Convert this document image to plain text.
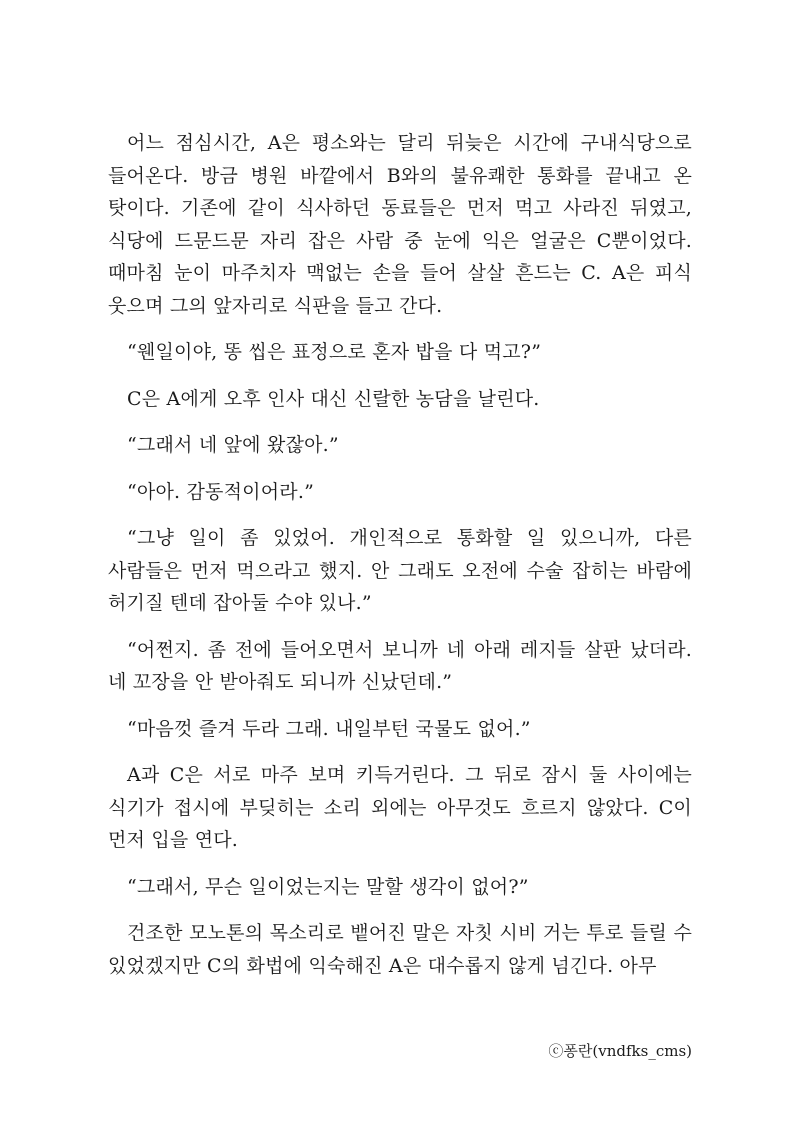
어느 점심시간, A은 평소와는 달리 뒤늦은 시간에 구내식당으로 들어온다. 방금 병원 바깥에서 B와의 불유쾌한 통화를 끝내고 온 탓이다. 기존에 같이 식사하던 동료들은 먼저 먹고 사라진 뒤였고, 식당에 드문드문 자리 잡은 사람 중 눈에 익은 얼굴은 C뿐이었다. 때마침 눈이 마주치자 맥없는 손을 들어 살살 흔드는 C. A은 피식 웃으며 그의 앞자리로 식판을 들고 간다.

“웬일이야, 똥 씹은 표정으로 혼자 밥을 다 먹고?”

C은 A에게 오후 인사 대신 신랄한 농담을 날린다.

“그래서 네 앞에 왔잖아.”

“아아. 감동적이어라.”

“그냥 일이 좀 있었어. 개인적으로 통화할 일 있으니까, 다른 사람들은 먼저 먹으라고 했지. 안 그래도 오전에 수술 잡히는 바람에 허기질 텐데 잡아둘 수야 있나.”

“어쩐지. 좀 전에 들어오면서 보니까 네 아래 레지들 살판 났더라. 네 꼬장을 안 받아줘도 되니까 신났던데.”

“마음껏 즐겨 두라 그래. 내일부턴 국물도 없어.”

A과 C은 서로 마주 보며 키득거린다. 그 뒤로 잠시 둘 사이에는 식기가 접시에 부딪히는 소리 외에는 아무것도 흐르지 않았다. C이 먼저 입을 연다.

“그래서, 무슨 일이었는지는 말할 생각이 없어?”

건조한 모노톤의 목소리로 뱉어진 말은 자칫 시비 거는 투로 들릴 수 있었겠지만 C의 화법에 익숙해진 A은 대수롭지 않게 넘긴다. 아무

ⓒ퐁란(vndfks_cms)
